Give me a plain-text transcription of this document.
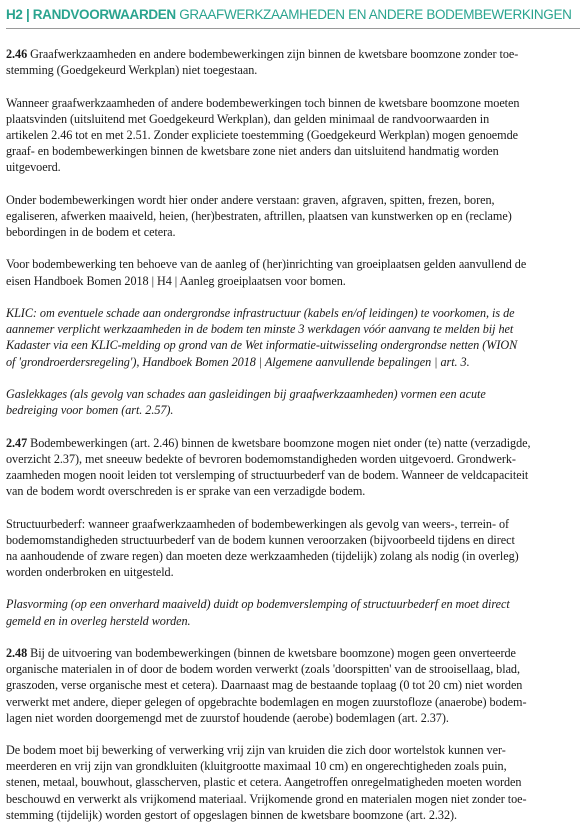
H2 | RANDVOORWAARDEN GRAAFWERKZAAMHEDEN EN ANDERE BODEMBEWERKINGEN

2.46 Graafwerkzaamheden en andere bodembewerkingen zijn binnen de kwetsbare boomzone zonder toe-
stemming (Goedgekeurd Werkplan) niet toegestaan.

Wanneer graafwerkzaamheden of andere bodembewerkingen toch binnen de kwetsbare boomzone moeten
plaatsvinden (uitsluitend met Goedgekeurd Werkplan), dan gelden minimaal de randvoorwaarden in
artikelen 2.46 tot en met 2.51. Zonder expliciete toestemming (Goedgekeurd Werkplan) mogen genoemde
graaf- en bodembewerkingen binnen de kwetsbare zone niet anders dan uitsluitend handmatig worden
uitgevoerd.

Onder bodembewerkingen wordt hier onder andere verstaan: graven, afgraven, spitten, frezen, boren,
egaliseren, afwerken maaiveld, heien, (her)bestraten, aftrillen, plaatsen van kunstwerken op en (reclame)
bebordingen in de bodem et cetera.

Voor bodembewerking ten behoeve van de aanleg of (her)inrichting van groeiplaatsen gelden aanvullend de
eisen Handboek Bomen 2018 | H4 | Aanleg groeiplaatsen voor bomen.

KLIC: om eventuele schade aan ondergrondse infrastructuur (kabels en/of leidingen) te voorkomen, is de
aannemer verplicht werkzaamheden in de bodem ten minste 3 werkdagen vóór aanvang te melden bij het
Kadaster via een KLIC-melding op grond van de Wet informatie-uitwisseling ondergrondse netten (WION
of 'grondroerdersregeling'), Handboek Bomen 2018 | Algemene aanvullende bepalingen | art. 3.

Gaslekkages (als gevolg van schades aan gasleidingen bij graafwerkzaamheden) vormen een acute
bedreiging voor bomen (art. 2.57).

2.47 Bodembewerkingen (art. 2.46) binnen de kwetsbare boomzone mogen niet onder (te) natte (verzadigde,
overzicht 2.37), met sneeuw bedekte of bevroren bodemomstandigheden worden uitgevoerd. Grondwerk-
zaamheden mogen nooit leiden tot verslemping of structuurbederf van de bodem. Wanneer de veldcapaciteit
van de bodem wordt overschreden is er sprake van een verzadigde bodem.

Structuurbederf: wanneer graafwerkzaamheden of bodembewerkingen als gevolg van weers-, terrein- of
bodemomstandigheden structuurbederf van de bodem kunnen veroorzaken (bijvoorbeeld tijdens en direct
na aanhoudende of zware regen) dan moeten deze werkzaamheden (tijdelijk) zolang als nodig (in overleg)
worden onderbroken en uitgesteld.

Plasvorming (op een onverhard maaiveld) duidt op bodemverslemping of structuurbederf en moet direct
gemeld en in overleg hersteld worden.

2.48 Bij de uitvoering van bodembewerkingen (binnen de kwetsbare boomzone) mogen geen onverteerde
organische materialen in of door de bodem worden verwerkt (zoals 'doorspitten' van de strooisellaag, blad,
graszoden, verse organische mest et cetera). Daarnaast mag de bestaande toplaag (0 tot 20 cm) niet worden
verwerkt met andere, dieper gelegen of opgebrachte bodemlagen en mogen zuurstofloze (anaerobe) bodem-
lagen niet worden doorgemengd met de zuurstof houdende (aerobe) bodemlagen (art. 2.37).

De bodem moet bij bewerking of verwerking vrij zijn van kruiden die zich door wortelstok kunnen ver-
meerderen en vrij zijn van grondkluiten (kluitgrootte maximaal 10 cm) en ongerechtigheden zoals puin,
stenen, metaal, bouwhout, glasscherven, plastic et cetera. Aangetroffen onregelmatigheden moeten worden
beschouwd en verwerkt als vrijkomend materiaal. Vrijkomende grond en materialen mogen niet zonder toe-
stemming (tijdelijk) worden gestort of opgeslagen binnen de kwetsbare boomzone (art. 2.32).
